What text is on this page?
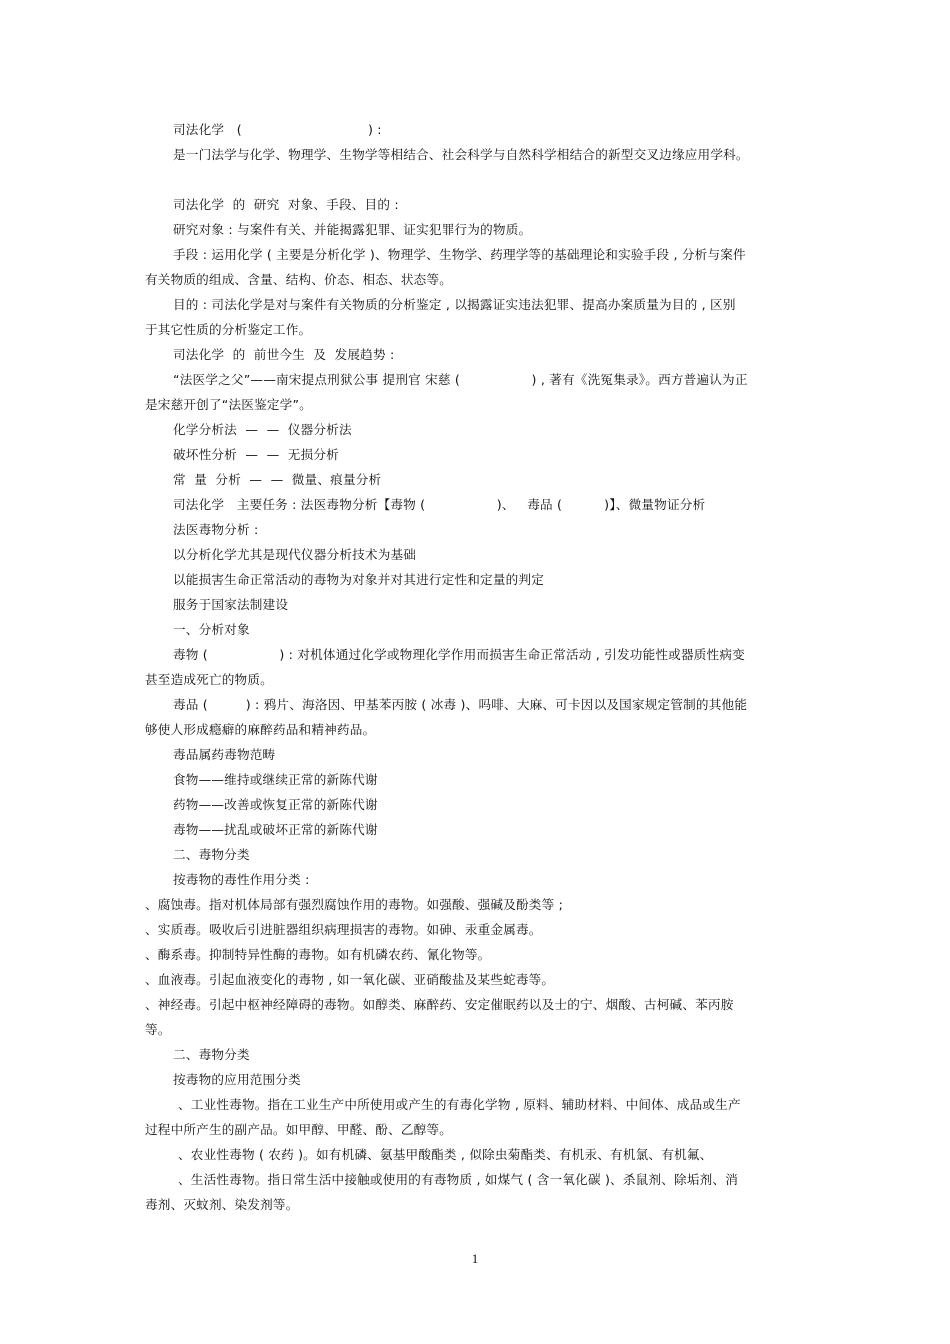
司法化学   (                              ) :
是一门法学与化学、物理学、生物学等相结合、社会科学与自然科学相结合的新型交叉边缘应用学科。
司法化学  的  研究  对象、手段、目的 :
研究对象 : 与案件有关、并能揭露犯罪、证实犯罪行为的物质。
手段 : 运用化学 ( 主要是分析化学 )、物理学、生物学、药理学等的基础理论和实验手段 , 分析与案件
有关物质的组成、含量、结构、价态、相态、状态等。
目的 : 司法化学是对与案件有关物质的分析鉴定 , 以揭露证实违法犯罪、提高办案质量为目的 , 区别
于其它性质的分析鉴定工作。
司法化学  的  前世今生  及  发展趋势 :
“法医学之父”——南宋提点刑狱公事 提刑官 宋慈 (                 ) , 著有《洗冤集录》。西方普遍认为正
是宋慈开创了“法医鉴定学”。
化学分析法  —  —  仪器分析法
破坏性分析  —  —  无损分析
常  量  分析  —  —  微量、痕量分析
司法化学   主要任务 : 法医毒物分析【毒物 (                 )、   毒品 (          )】、微量物证分析
法医毒物分析 :
以分析化学尤其是现代仪器分析技术为基础
以能损害生命正常活动的毒物为对象并对其进行定性和定量的判定
服务于国家法制建设
一、分析对象
毒物 (                 ) : 对机体通过化学或物理化学作用而损害生命正常活动 , 引发功能性或器质性病变
甚至造成死亡的物质。
毒品 (         ) : 鸦片、海洛因、甲基苯丙胺 ( 冰毒 )、吗啡、大麻、可卡因以及国家规定管制的其他能
够使人形成瘾癖的麻醉药品和精神药品。
毒品属药毒物范畴
食物——维持或继续正常的新陈代谢
药物——改善或恢复正常的新陈代谢
毒物——扰乱或破坏正常的新陈代谢
二、毒物分类
按毒物的毒性作用分类 :
、腐蚀毒。指对机体局部有强烈腐蚀作用的毒物。如强酸、强碱及酚类等 ;
、实质毒。吸收后引进脏器组织病理损害的毒物。如砷、汞重金属毒。
、酶系毒。抑制特异性酶的毒物。如有机磷农药、氰化物等。
、血液毒。引起血液变化的毒物 , 如一氧化碳、亚硝酸盐及某些蛇毒等。
、神经毒。引起中枢神经障碍的毒物。如醇类、麻醉药、安定催眠药以及士的宁、烟酸、古柯碱、苯丙胺
等。
二、毒物分类
按毒物的应用范围分类
、工业性毒物。指在工业生产中所使用或产生的有毒化学物 , 原料、辅助材料、中间体、成品或生产
过程中所产生的副产品。如甲醇、甲醛、酚、乙醇等。
、农业性毒物 ( 农药 )。如有机磷、氨基甲酸酯类 , 似除虫菊酯类、有机汞、有机氯、有机氟、
、生活性毒物。指日常生活中接触或使用的有毒物质 , 如煤气 ( 含一氧化碳 )、杀鼠剂、除垢剂、消
毒剂、灭蚊剂、染发剂等。
1
